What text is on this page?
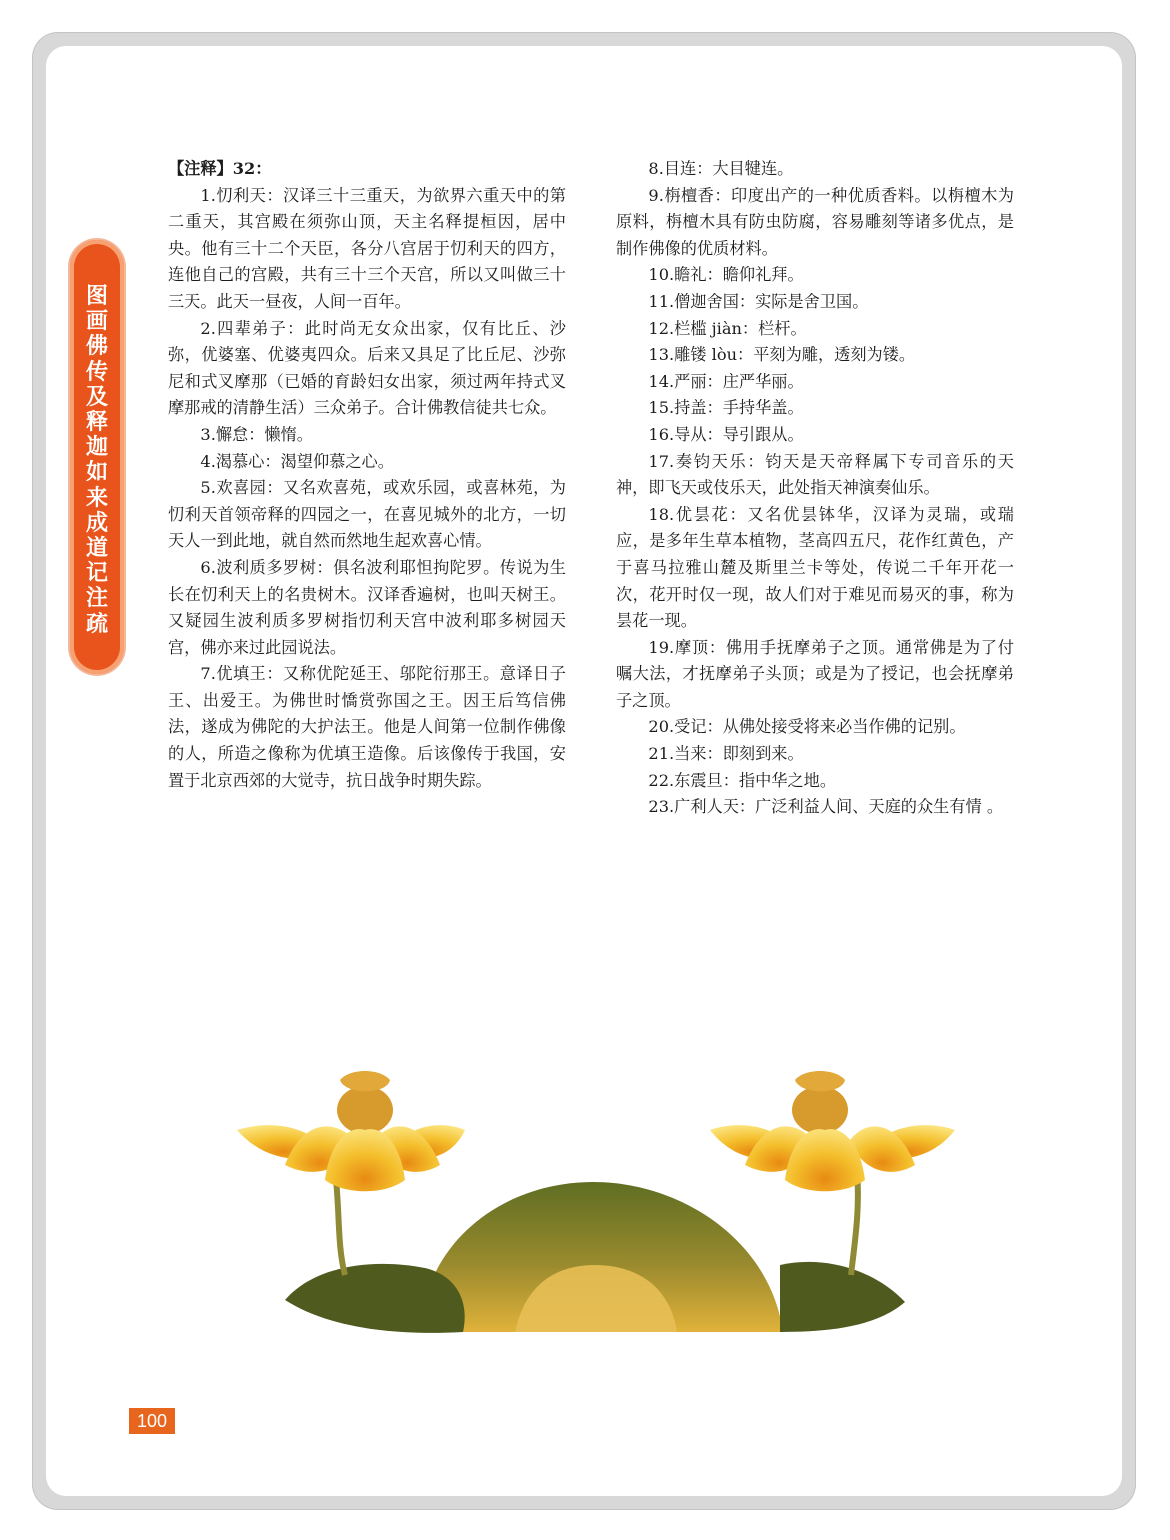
图画佛传及释迦如来成道记注疏

【注释】32：

1.忉利天：汉译三十三重天，为欲界六重天中的第二重天，其宫殿在须弥山顶，天主名释提桓因，居中央。他有三十二个天臣，各分八宫居于忉利天的四方，连他自己的宫殿，共有三十三个天宫，所以又叫做三十三天。此天一昼夜，人间一百年。

2.四辈弟子：此时尚无女众出家，仅有比丘、沙弥，优婆塞、优婆夷四众。后来又具足了比丘尼、沙弥尼和式叉摩那（已婚的育龄妇女出家，须过两年持式叉摩那戒的清静生活）三众弟子。合计佛教信徒共七众。

3.懈怠：懒惰。

4.渴慕心：渴望仰慕之心。

5.欢喜园：又名欢喜苑，或欢乐园，或喜林苑，为忉利天首领帝释的四园之一，在喜见城外的北方，一切天人一到此地，就自然而然地生起欢喜心情。

6.波利质多罗树：俱名波利耶怛拘陀罗。传说为生长在忉利天上的名贵树木。汉译香遍树，也叫天树王。又疑园生波利质多罗树指忉利天宫中波利耶多树园天宫，佛亦来过此园说法。

7.优填王：又称优陀延王、邬陀衍那王。意译日子王、出爱王。为佛世时憍赏弥国之王。因王后笃信佛法，遂成为佛陀的大护法王。他是人间第一位制作佛像的人，所造之像称为优填王造像。后该像传于我国，安置于北京西郊的大觉寺，抗日战争时期失踪。

8.目连：大目犍连。

9.栴檀香：印度出产的一种优质香料。以栴檀木为原料，栴檀木具有防虫防腐，容易雕刻等诸多优点，是制作佛像的优质材料。

10.瞻礼：瞻仰礼拜。

11.僧迦舍国：实际是舍卫国。

12.栏槛 jiàn：栏杆。

13.雕镂 lòu：平刻为雕，透刻为镂。

14.严丽：庄严华丽。

15.持盖：手持华盖。

16.导从：导引跟从。

17.奏钧天乐：钧天是天帝释属下专司音乐的天神，即飞天或伎乐天，此处指天神演奏仙乐。

18.优昙花：又名优昙钵华，汉译为灵瑞，或瑞应，是多年生草本植物，茎高四五尺，花作红黄色，产于喜马拉雅山麓及斯里兰卡等处，传说二千年开花一次，花开时仅一现，故人们对于难见而易灭的事，称为昙花一现。

19.摩顶：佛用手抚摩弟子之顶。通常佛是为了付嘱大法，才抚摩弟子头顶；或是为了授记，也会抚摩弟子之顶。

20.受记：从佛处接受将来必当作佛的记别。

21.当来：即刻到来。

22.东震旦：指中华之地。

23.广利人天：广泛利益人间、天庭的众生有情 。

100
